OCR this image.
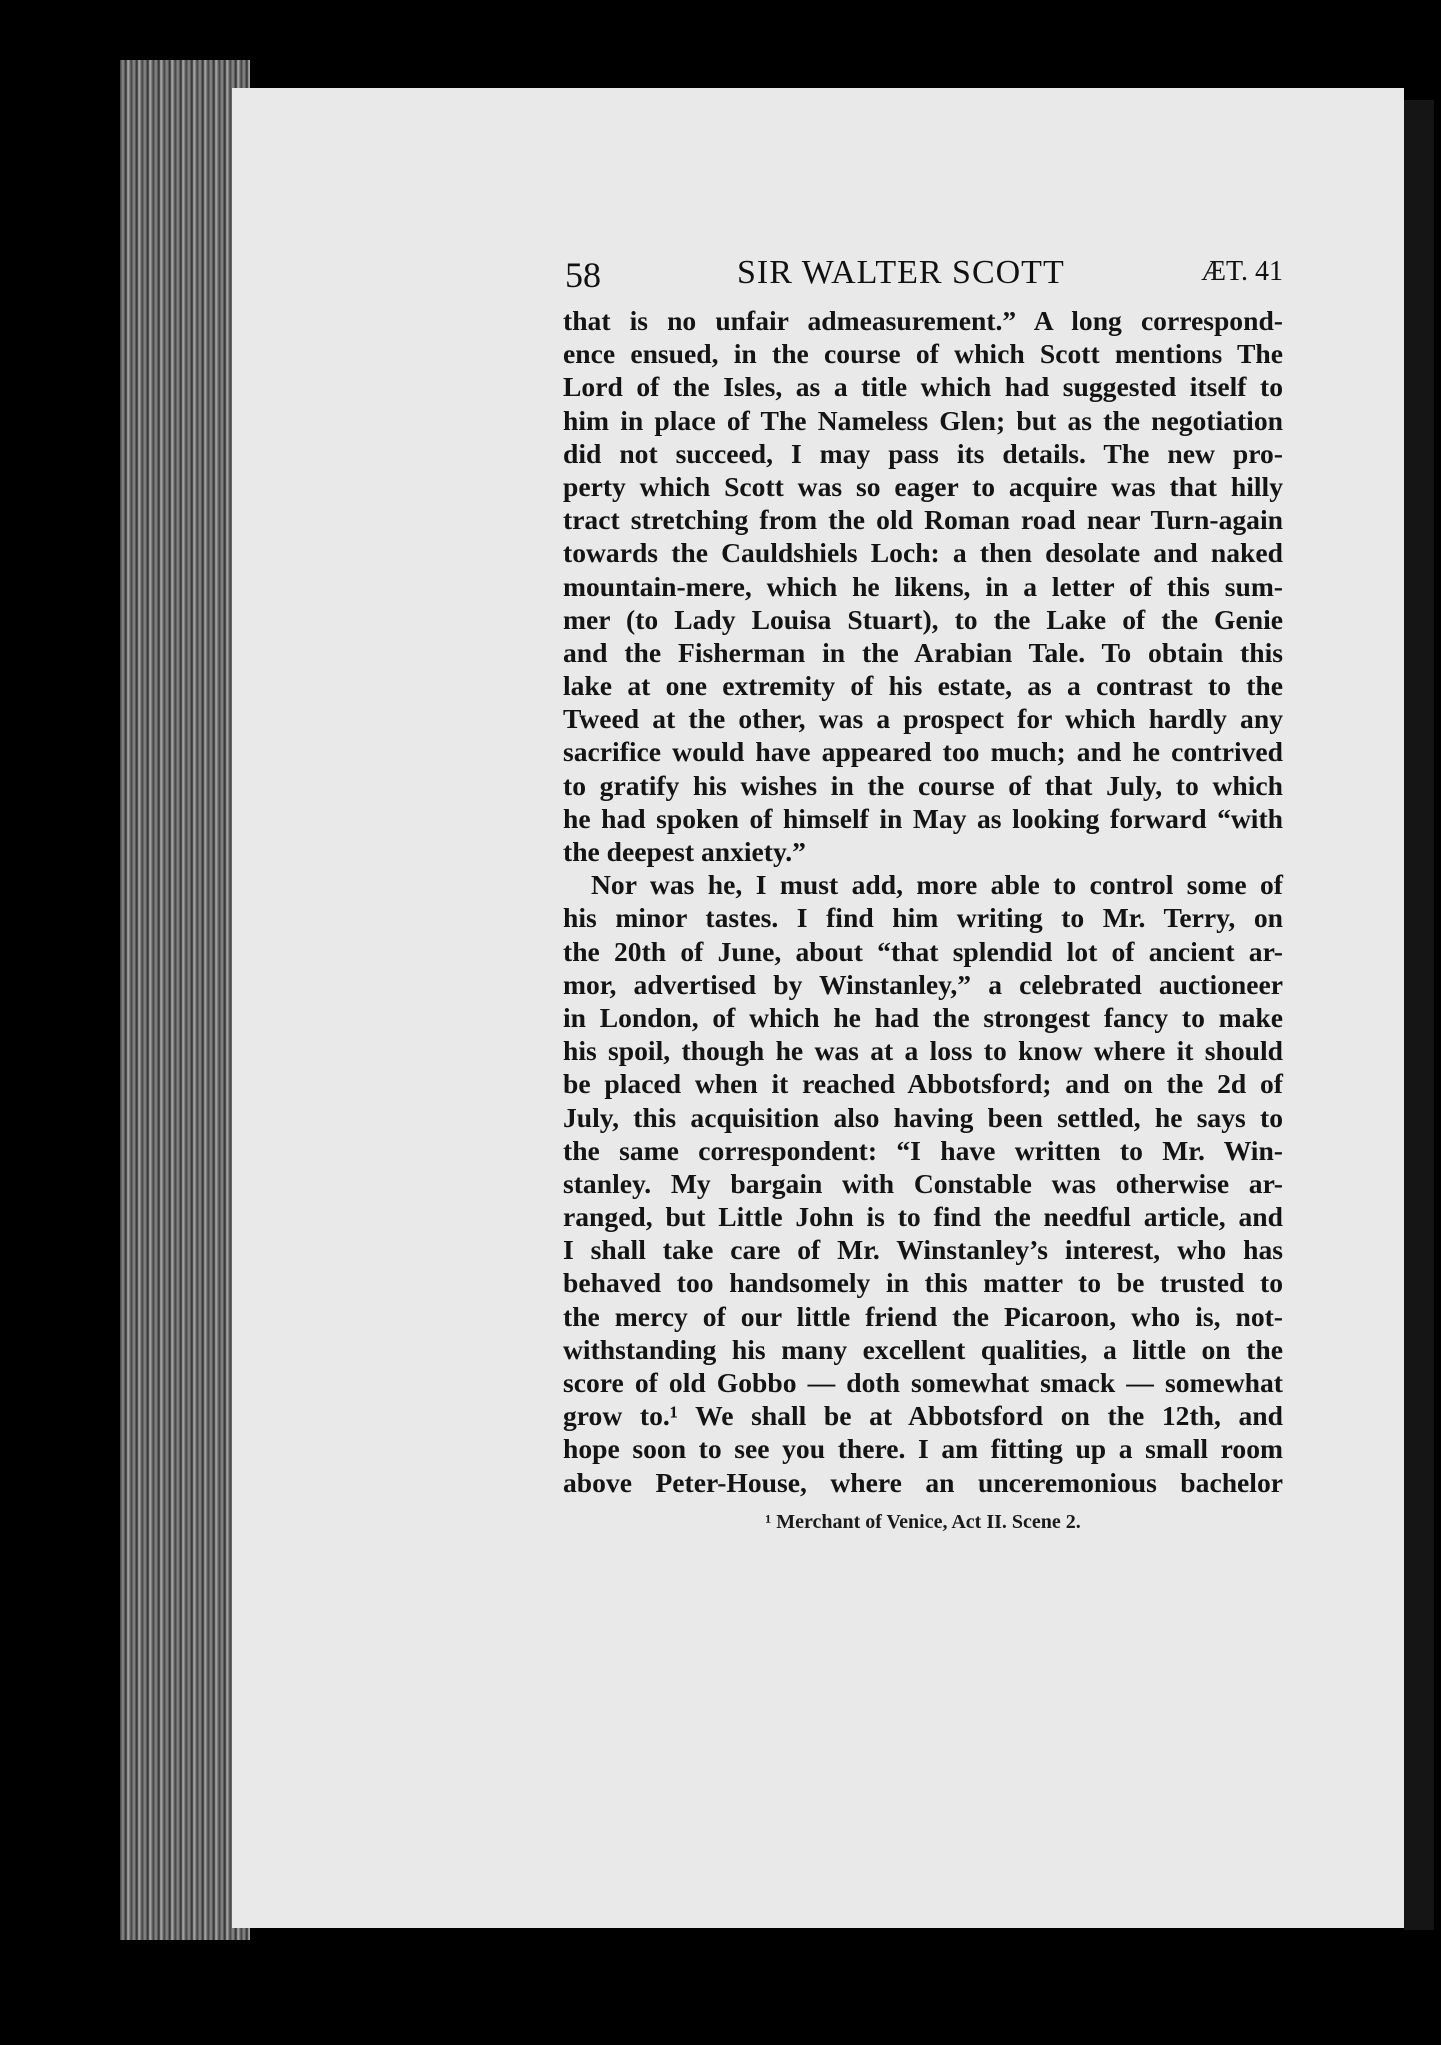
58	SIR WALTER SCOTT	ÆT. 41
that is no unfair admeasurement.” A long correspond-
ence ensued, in the course of which Scott mentions The
Lord of the Isles, as a title which had suggested itself to
him in place of The Nameless Glen; but as the negotiation
did not succeed, I may pass its details. The new pro-
perty which Scott was so eager to acquire was that hilly
tract stretching from the old Roman road near Turn-again
towards the Cauldshiels Loch: a then desolate and naked
mountain-mere, which he likens, in a letter of this sum-
mer (to Lady Louisa Stuart), to the Lake of the Genie
and the Fisherman in the Arabian Tale. To obtain this
lake at one extremity of his estate, as a contrast to the
Tweed at the other, was a prospect for which hardly any
sacrifice would have appeared too much; and he contrived
to gratify his wishes in the course of that July, to which
he had spoken of himself in May as looking forward “with
the deepest anxiety.”
Nor was he, I must add, more able to control some of
his minor tastes. I find him writing to Mr. Terry, on
the 20th of June, about “that splendid lot of ancient ar-
mor, advertised by Winstanley,” a celebrated auctioneer
in London, of which he had the strongest fancy to make
his spoil, though he was at a loss to know where it should
be placed when it reached Abbotsford; and on the 2d of
July, this acquisition also having been settled, he says to
the same correspondent: “I have written to Mr. Win-
stanley. My bargain with Constable was otherwise ar-
ranged, but Little John is to find the needful article, and
I shall take care of Mr. Winstanley’s interest, who has
behaved too handsomely in this matter to be trusted to
the mercy of our little friend the Picaroon, who is, not-
withstanding his many excellent qualities, a little on the
score of old Gobbo — doth somewhat smack — somewhat
grow to.¹ We shall be at Abbotsford on the 12th, and
hope soon to see you there. I am fitting up a small room
above Peter-House, where an unceremonious bachelor
¹ Merchant of Venice, Act II. Scene 2.
